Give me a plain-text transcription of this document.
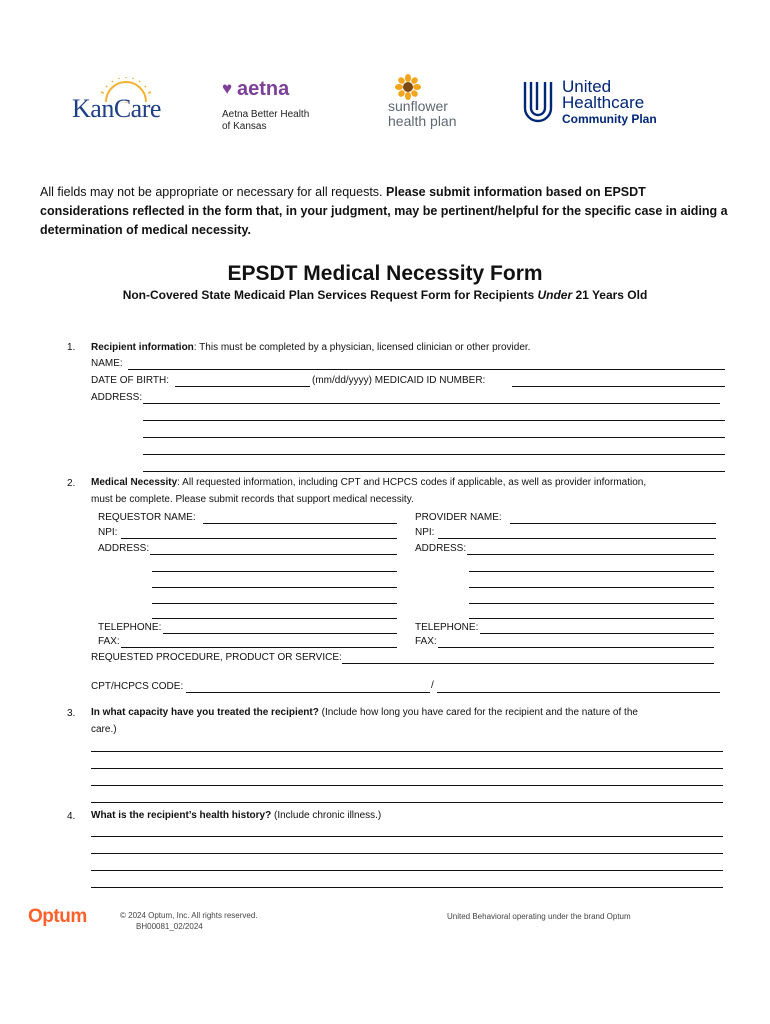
KanCare
♥ aetna
Aetna Better Health
of Kansas
sunflower
health plan
United
Healthcare
Community Plan
All fields may not be appropriate or necessary for all requests. Please submit information based on EPSDT considerations reflected in the form that, in your judgment, may be pertinent/helpful for the specific case in aiding a determination of medical necessity.
EPSDT Medical Necessity Form
Non-Covered State Medicaid Plan Services Request Form for Recipients Under 21 Years Old
1. Recipient information: This must be completed by a physician, licensed clinician or other provider.
NAME:
DATE OF BIRTH:	(mm/dd/yyyy) MEDICAID ID NUMBER:
ADDRESS:
2. Medical Necessity: All requested information, including CPT and HCPCS codes if applicable, as well as provider information,
must be complete. Please submit records that support medical necessity.
REQUESTOR NAME:
NPI:
ADDRESS:
TELEPHONE:
FAX:
PROVIDER NAME:
NPI:
ADDRESS:
TELEPHONE:
FAX:
REQUESTED PROCEDURE, PRODUCT OR SERVICE:
CPT/HCPCS CODE:	/
3. In what capacity have you treated the recipient? (Include how long you have cared for the recipient and the nature of the
care.)
4. What is the recipient’s health history? (Include chronic illness.)
Optum	© 2024 Optum, Inc. All rights reserved.
BH00081_02/2024
United Behavioral operating under the brand Optum
